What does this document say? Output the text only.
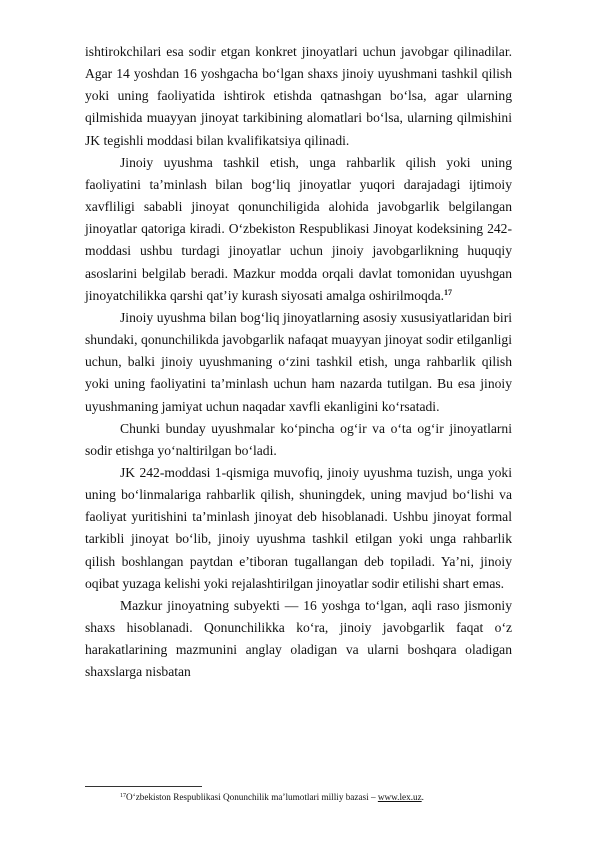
ishtirokchilari esa sodir etgan konkret jinoyatlari uchun javobgar qilinadilar. Agar 14 yoshdan 16 yoshgacha bo‘lgan shaxs jinoiy uyushmani tashkil qilish yoki uning faoliyatida ishtirok etishda qatnashgan bo‘lsa, agar ularning qilmishida muayyan jinoyat tarkibining alomatlari bo‘lsa, ularning qilmishini JK tegishli moddasi bilan kvalifikatsiya qilinadi.

Jinoiy uyushma tashkil etish, unga rahbarlik qilish yoki uning faoliyatini ta’minlash bilan bog‘liq jinoyatlar yuqori darajadagi ijtimoiy xavfliligi sababli jinoyat qonunchiligida alohida javobgarlik belgilangan jinoyatlar qatoriga kiradi. O‘zbekiston Respublikasi Jinoyat kodeksining 242-moddasi ushbu turdagi jinoyatlar uchun jinoiy javobgarlikning huquqiy asoslarini belgilab beradi. Mazkur modda orqali davlat tomonidan uyushgan jinoyatchilikka qarshi qat’iy kurash siyosati amalga oshirilmoqda.$^{17}$

Jinoiy uyushma bilan bog‘liq jinoyatlarning asosiy xususiyatlaridan biri shundaki, qonunchilikda javobgarlik nafaqat muayyan jinoyat sodir etilganligi uchun, balki jinoiy uyushmaning o‘zini tashkil etish, unga rahbarlik qilish yoki uning faoliyatini ta’minlash uchun ham nazarda tutilgan. Bu esa jinoiy uyushmaning jamiyat uchun naqadar xavfli ekanligini ko‘rsatadi.

Chunki bunday uyushmalar ko‘pincha og‘ir va o‘ta og‘ir jinoyatlarni sodir etishga yo‘naltirilgan bo‘ladi.

JK 242-moddasi 1-qismiga muvofiq, jinoiy uyushma tuzish, unga yoki uning bo‘linmalariga rahbarlik qilish, shuningdek, uning mavjud bo‘lishi va faoliyat yuritishini ta’minlash jinoyat deb hisoblanadi. Ushbu jinoyat formal tarkibli jinoyat bo‘lib, jinoiy uyushma tashkil etilgan yoki unga rahbarlik qilish boshlangan paytdan e’tiboran tugallangan deb topiladi. Ya’ni, jinoiy oqibat yuzaga kelishi yoki rejalashtirilgan jinoyatlar sodir etilishi shart emas.

Mazkur jinoyatning subyekti — 16 yoshga to‘lgan, aqli raso jismoniy shaxs hisoblanadi. Qonunchilikka ko‘ra, jinoiy javobgarlik faqat o‘z harakatlarining mazmunini anglay oladigan va ularni boshqara oladigan shaxslarga nisbatan

$^{17}$O‘zbekiston Respublikasi Qonunchilik ma’lumotlari milliy bazasi – www.lex.uz.
